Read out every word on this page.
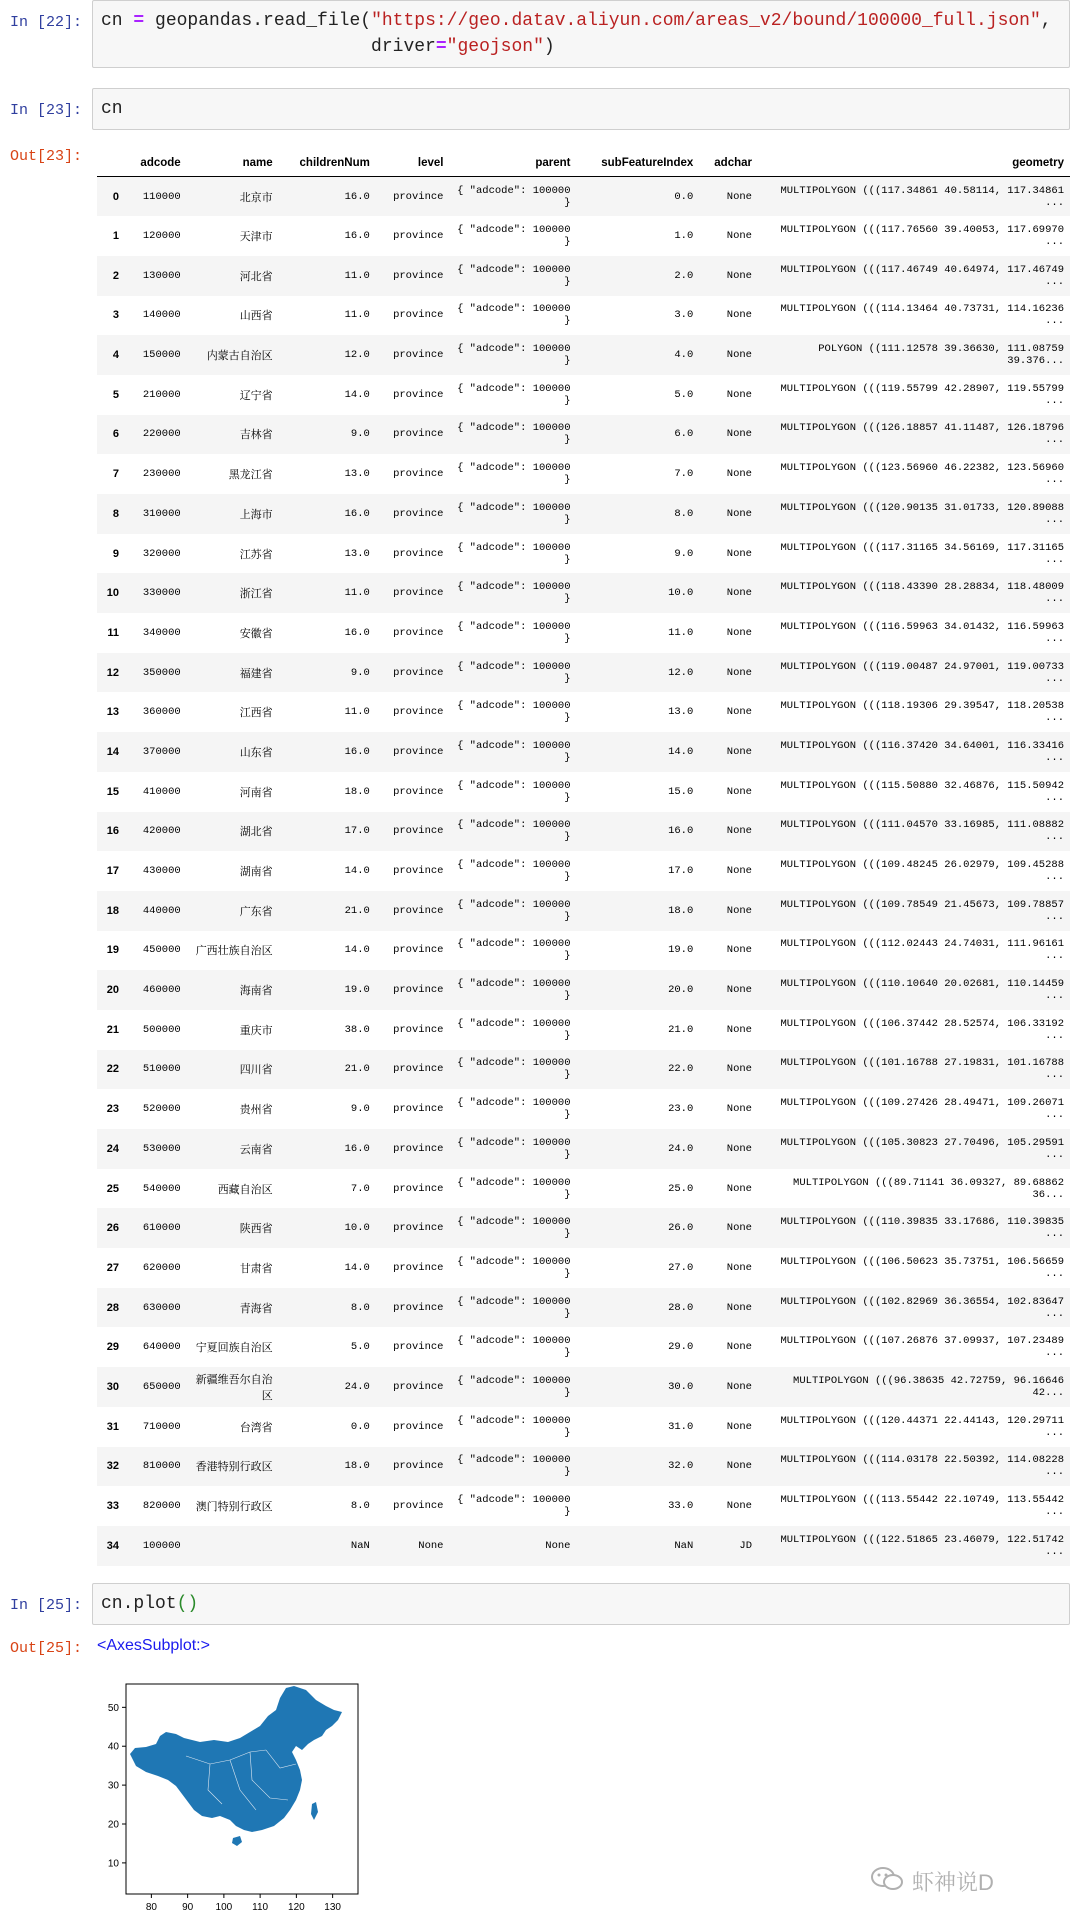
In [22]: cn = geopandas.read_file("https://geo.datav.aliyun.com/areas_v2/bound/100000_full.json",
driver="geojson")
In [23]: cn
Out[23]:
		adcode	name	childrenNum	level	parent	subFeatureIndex	adchar	geometry
0	110000	北京市	16.0	province	{ "adcode": 100000 }	0.0	None	MULTIPOLYGON (((117.34861 40.58114, 117.34861 ...
1	120000	天津市	16.0	province	{ "adcode": 100000 }	1.0	None	MULTIPOLYGON (((117.76560 39.40053, 117.69970 ...
2	130000	河北省	11.0	province	{ "adcode": 100000 }	2.0	None	MULTIPOLYGON (((117.46749 40.64974, 117.46749 ...
3	140000	山西省	11.0	province	{ "adcode": 100000 }	3.0	None	MULTIPOLYGON (((114.13464 40.73731, 114.16236 ...
4	150000	内蒙古自治区	12.0	province	{ "adcode": 100000 }	4.0	None	POLYGON ((111.12578 39.36630, 111.08759 39.376...
5	210000	辽宁省	14.0	province	{ "adcode": 100000 }	5.0	None	MULTIPOLYGON (((119.55799 42.28907, 119.55799 ...
6	220000	吉林省	9.0	province	{ "adcode": 100000 }	6.0	None	MULTIPOLYGON (((126.18857 41.11487, 126.18796 ...
7	230000	黑龙江省	13.0	province	{ "adcode": 100000 }	7.0	None	MULTIPOLYGON (((123.56960 46.22382, 123.56960 ...
8	310000	上海市	16.0	province	{ "adcode": 100000 }	8.0	None	MULTIPOLYGON (((120.90135 31.01733, 120.89088 ...
9	320000	江苏省	13.0	province	{ "adcode": 100000 }	9.0	None	MULTIPOLYGON (((117.31165 34.56169, 117.31165 ...
10	330000	浙江省	11.0	province	{ "adcode": 100000 }	10.0	None	MULTIPOLYGON (((118.43390 28.28834, 118.48009 ...
11	340000	安徽省	16.0	province	{ "adcode": 100000 }	11.0	None	MULTIPOLYGON (((116.59963 34.01432, 116.59963 ...
12	350000	福建省	9.0	province	{ "adcode": 100000 }	12.0	None	MULTIPOLYGON (((119.00487 24.97001, 119.00733 ...
13	360000	江西省	11.0	province	{ "adcode": 100000 }	13.0	None	MULTIPOLYGON (((118.19306 29.39547, 118.20538 ...
14	370000	山东省	16.0	province	{ "adcode": 100000 }	14.0	None	MULTIPOLYGON (((116.37420 34.64001, 116.33416 ...
15	410000	河南省	18.0	province	{ "adcode": 100000 }	15.0	None	MULTIPOLYGON (((115.50880 32.46876, 115.50942 ...
16	420000	湖北省	17.0	province	{ "adcode": 100000 }	16.0	None	MULTIPOLYGON (((111.04570 33.16985, 111.08882 ...
17	430000	湖南省	14.0	province	{ "adcode": 100000 }	17.0	None	MULTIPOLYGON (((109.48245 26.02979, 109.45288 ...
18	440000	广东省	21.0	province	{ "adcode": 100000 }	18.0	None	MULTIPOLYGON (((109.78549 21.45673, 109.78857 ...
19	450000	广西壮族自治区	14.0	province	{ "adcode": 100000 }	19.0	None	MULTIPOLYGON (((112.02443 24.74031, 111.96161 ...
20	460000	海南省	19.0	province	{ "adcode": 100000 }	20.0	None	MULTIPOLYGON (((110.10640 20.02681, 110.14459 ...
21	500000	重庆市	38.0	province	{ "adcode": 100000 }	21.0	None	MULTIPOLYGON (((106.37442 28.52574, 106.33192 ...
22	510000	四川省	21.0	province	{ "adcode": 100000 }	22.0	None	MULTIPOLYGON (((101.16788 27.19831, 101.16788 ...
23	520000	贵州省	9.0	province	{ "adcode": 100000 }	23.0	None	MULTIPOLYGON (((109.27426 28.49471, 109.26071 ...
24	530000	云南省	16.0	province	{ "adcode": 100000 }	24.0	None	MULTIPOLYGON (((105.30823 27.70496, 105.29591 ...
25	540000	西藏自治区	7.0	province	{ "adcode": 100000 }	25.0	None	MULTIPOLYGON (((89.71141 36.09327, 89.68862 36...
26	610000	陕西省	10.0	province	{ "adcode": 100000 }	26.0	None	MULTIPOLYGON (((110.39835 33.17686, 110.39835 ...
27	620000	甘肃省	14.0	province	{ "adcode": 100000 }	27.0	None	MULTIPOLYGON (((106.50623 35.73751, 106.56659 ...
28	630000	青海省	8.0	province	{ "adcode": 100000 }	28.0	None	MULTIPOLYGON (((102.82969 36.36554, 102.83647 ...
29	640000	宁夏回族自治区	5.0	province	{ "adcode": 100000 }	29.0	None	MULTIPOLYGON (((107.26876 37.09937, 107.23489 ...
30	650000	新疆维吾尔自治区	24.0	province	{ "adcode": 100000 }	30.0	None	MULTIPOLYGON (((96.38635 42.72759, 96.16646 42...
31	710000	台湾省	0.0	province	{ "adcode": 100000 }	31.0	None	MULTIPOLYGON (((120.44371 22.44143, 120.29711 ...
32	810000	香港特别行政区	18.0	province	{ "adcode": 100000 }	32.0	None	MULTIPOLYGON (((114.03178 22.50392, 114.08228 ...
33	820000	澳门特别行政区	8.0	province	{ "adcode": 100000 }	33.0	None	MULTIPOLYGON (((113.55442 22.10749, 113.55442 ...
34	100000		NaN	None	None	NaN	JD	MULTIPOLYGON (((122.51865 23.46079, 122.51742 ...
In [25]: cn.plot()
Out[25]: <AxesSubplot:>
80	90 100 110 120 130
10
20
30
40
50
虾神说D
